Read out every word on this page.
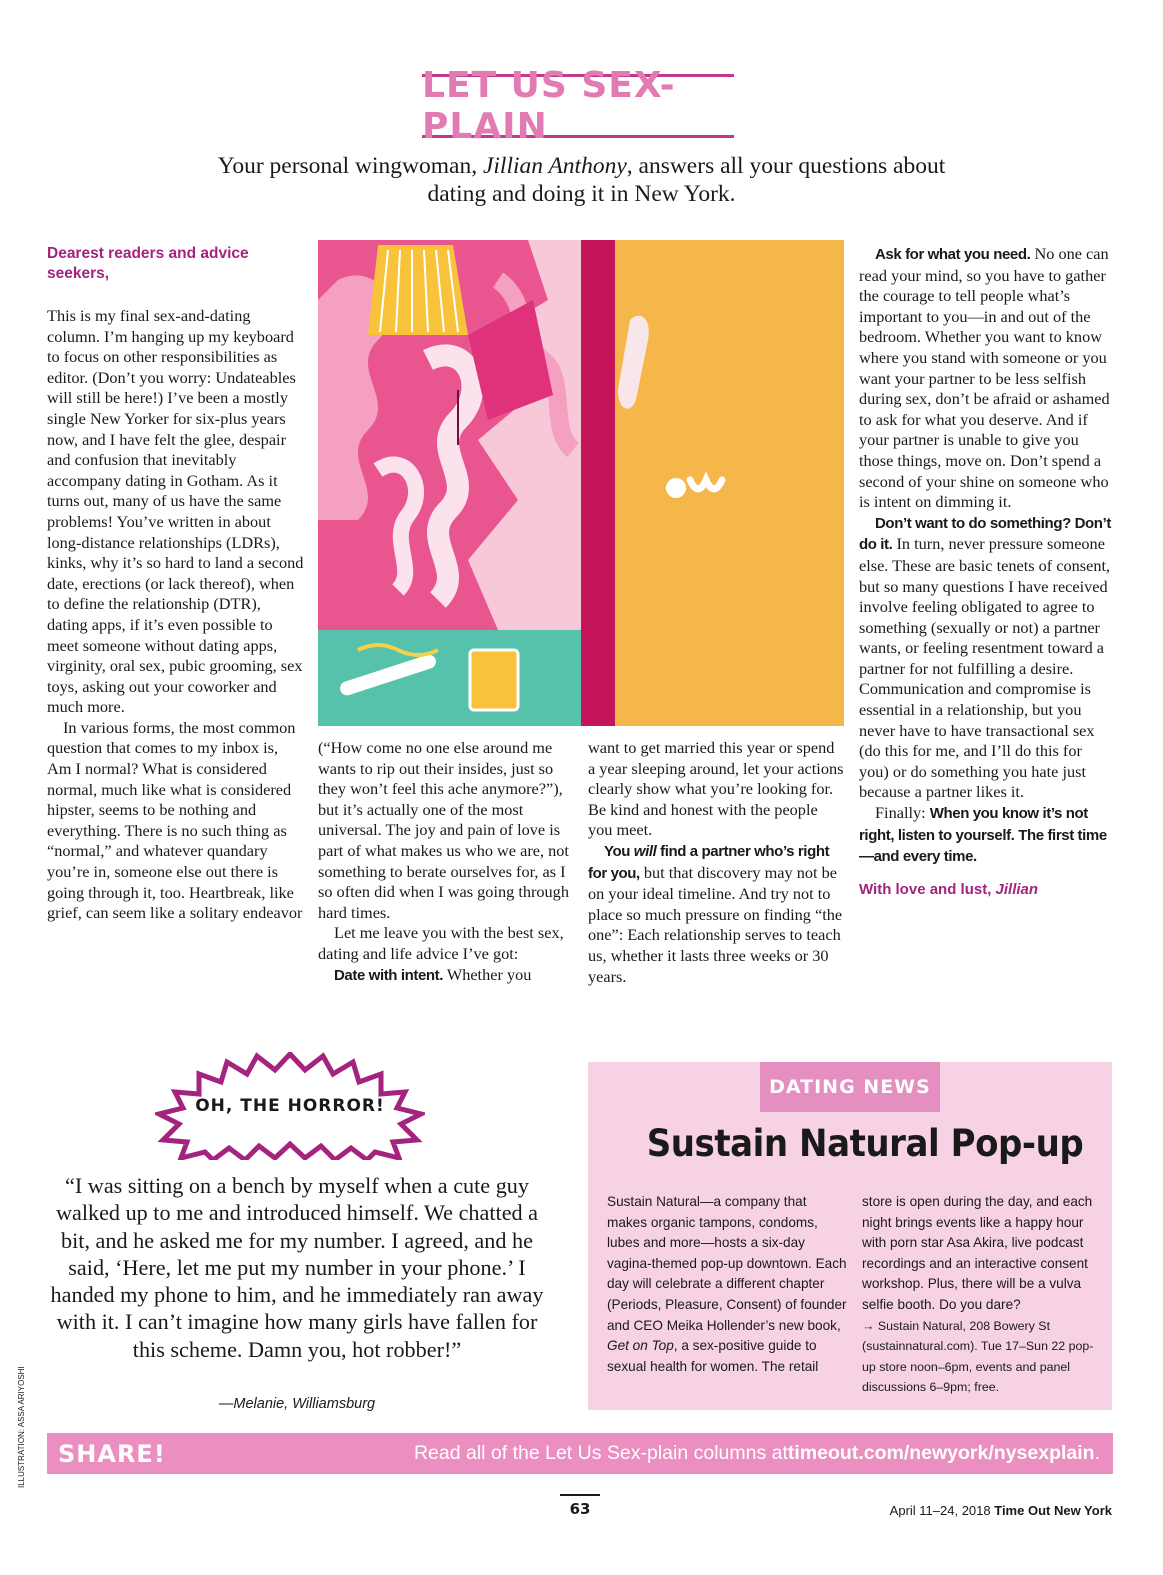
LET US SEX-PLAIN
Your personal wingwoman, Jillian Anthony, answers all your questions about dating and doing it in New York.

Dearest readers and advice seekers,

This is my final sex-and-dating column. I’m hanging up my keyboard to focus on other responsibilities as editor. (Don’t you worry: Undateables will still be here!) I’ve been a mostly single New Yorker for six-plus years now, and I have felt the glee, despair and confusion that inevitably accompany dating in Gotham. As it turns out, many of us have the same problems! You’ve written in about long-distance relationships (LDRs), kinks, why it’s so hard to land a second date, erections (or lack thereof), when to define the relationship (DTR), dating apps, if it’s even possible to meet someone without dating apps, virginity, oral sex, pubic grooming, sex toys, asking out your coworker and much more.

In various forms, the most common question that comes to my inbox is, Am I normal? What is considered normal, much like what is considered hipster, seems to be nothing and everything. There is no such thing as “normal,” and whatever quandary you’re in, someone else out there is going through it, too. Heartbreak, like grief, can seem like a solitary endeavor

(“How come no one else around me wants to rip out their insides, just so they won’t feel this ache anymore?”), but it’s actually one of the most universal. The joy and pain of love is part of what makes us who we are, not something to berate ourselves for, as I so often did when I was going through hard times.

Let me leave you with the best sex, dating and life advice I’ve got:

Date with intent. Whether you

want to get married this year or spend a year sleeping around, let your actions clearly show what you’re looking for. Be kind and honest with the people you meet.

You will find a partner who’s right for you, but that discovery may not be on your ideal timeline. And try not to place so much pressure on finding “the one”: Each relationship serves to teach us, whether it lasts three weeks or 30 years.

Ask for what you need. No one can read your mind, so you have to gather the courage to tell people what’s important to you—in and out of the bedroom. Whether you want to know where you stand with someone or you want your partner to be less selfish during sex, don’t be afraid or ashamed to ask for what you deserve. And if your partner is unable to give you those things, move on. Don’t spend a second of your shine on someone who is intent on dimming it.

Don’t want to do something? Don’t do it. In turn, never pressure someone else. These are basic tenets of consent, but so many questions I have received involve feeling obligated to agree to something (sexually or not) a partner wants, or feeling resentment toward a partner for not fulfilling a desire. Communication and compromise is essential in a relationship, but you never have to have transactional sex (do this for me, and I’ll do this for you) or do something you hate just because a partner likes it.

Finally: When you know it’s not right, listen to yourself. The first time—and every time.

With love and lust, Jillian

OH, THE HORROR!
“I was sitting on a bench by myself when a cute guy walked up to me and introduced himself. We chatted a bit, and he asked me for my number. I agreed, and he said, ‘Here, let me put my number in your phone.’ I handed my phone to him, and he immediately ran away with it. I can’t imagine how many girls have fallen for this scheme. Damn you, hot robber!”
—Melanie, Williamsburg
ILLUSTRATION: ASSA ARIYOSHI
DATING NEWS
Sustain Natural Pop-up
Sustain Natural—a company that makes organic tampons, condoms, lubes and more—hosts a six-day vagina-themed pop-up downtown. Each day will celebrate a different chapter (Periods, Pleasure, Consent) of founder and CEO Meika Hollender’s new book, Get on Top, a sex-positive guide to sexual health for women. The retail
store is open during the day, and each night brings events like a happy hour with porn star Asa Akira, live podcast recordings and an interactive consent workshop. Plus, there will be a vulva selfie booth. Do you dare?
→ Sustain Natural, 208 Bowery St (sustainnatural.com). Tue 17–Sun 22 pop-up store noon–6pm, events and panel discussions 6–9pm; free.
SHARE!	Read all of the Let Us Sex-plain columns at timeout.com/newyork/nysexplain .
63	April 11–24, 2018 Time Out New York
